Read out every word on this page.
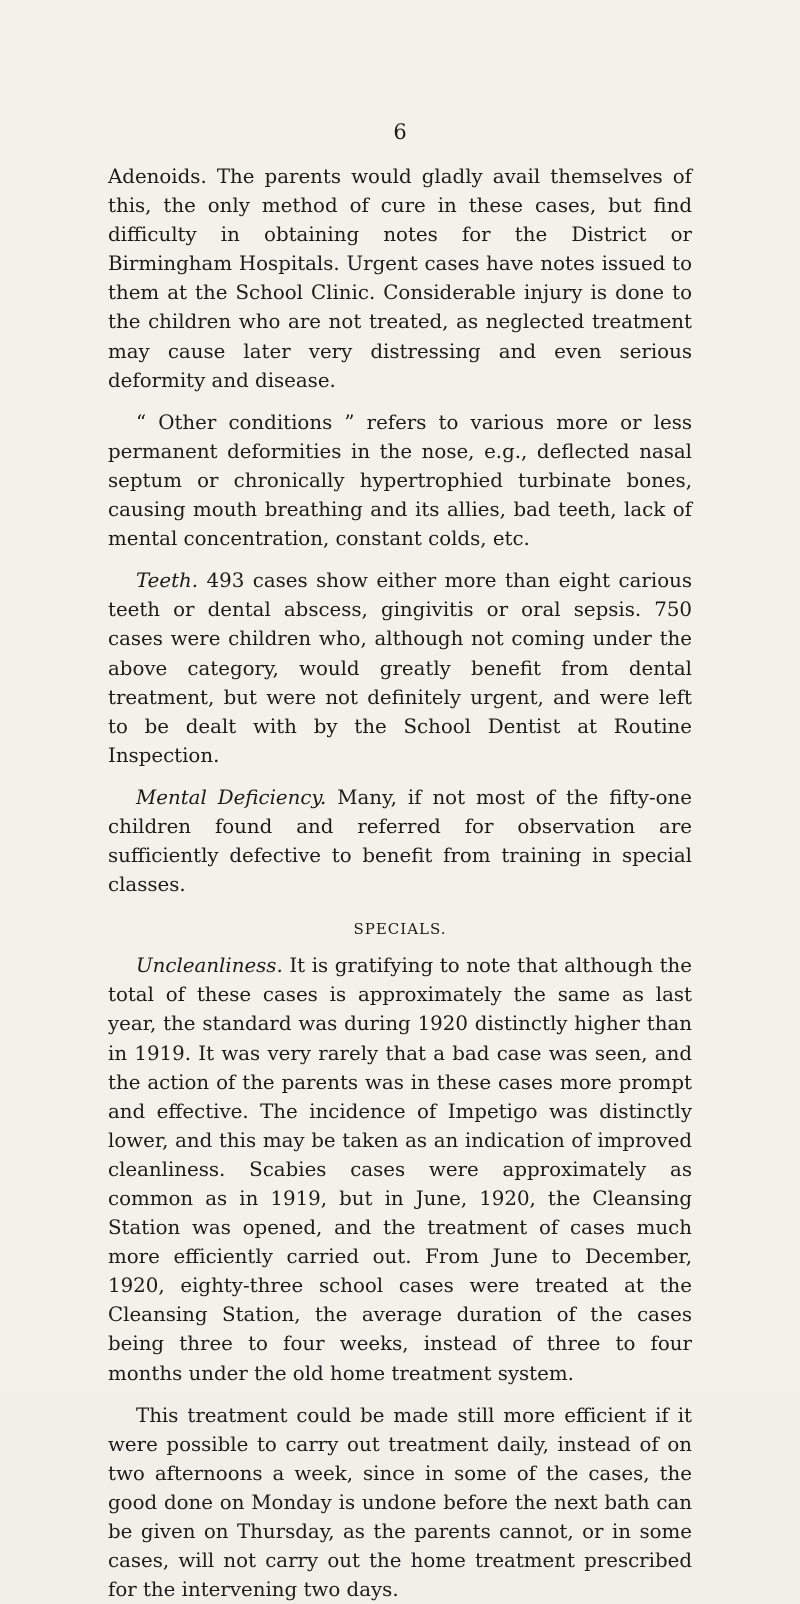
6

Adenoids. The parents would gladly avail themselves of this, the only method of cure in these cases, but find difficulty in obtaining notes for the District or Birmingham Hospitals. Urgent cases have notes issued to them at the School Clinic. Considerable injury is done to the children who are not treated, as neglected treatment may cause later very distressing and even serious deformity and disease.

“ Other conditions ” refers to various more or less permanent deformities in the nose, e.g., deflected nasal septum or chronically hypertrophied turbinate bones, causing mouth breathing and its allies, bad teeth, lack of mental concentration, constant colds, etc.

Teeth. 493 cases show either more than eight carious teeth or dental abscess, gingivitis or oral sepsis. 750 cases were children who, although not coming under the above category, would greatly benefit from dental treatment, but were not definitely urgent, and were left to be dealt with by the School Dentist at Routine Inspection.

Mental Deficiency. Many, if not most of the fifty-one children found and referred for observation are sufficiently defective to benefit from training in special classes.

SPECIALS.

Uncleanliness. It is gratifying to note that although the total of these cases is approximately the same as last year, the standard was during 1920 distinctly higher than in 1919. It was very rarely that a bad case was seen, and the action of the parents was in these cases more prompt and effective. The incidence of Impetigo was distinctly lower, and this may be taken as an indication of improved cleanliness. Scabies cases were approximately as common as in 1919, but in June, 1920, the Cleansing Station was opened, and the treatment of cases much more efficiently carried out. From June to December, 1920, eighty-three school cases were treated at the Cleansing Station, the average duration of the cases being three to four weeks, instead of three to four months under the old home treatment system.

This treatment could be made still more efficient if it were possible to carry out treatment daily, instead of on two afternoons a week, since in some of the cases, the good done on Monday is undone before the next bath can be given on Thursday, as the parents cannot, or in some cases, will not carry out the home treatment prescribed for the intervening two days.
